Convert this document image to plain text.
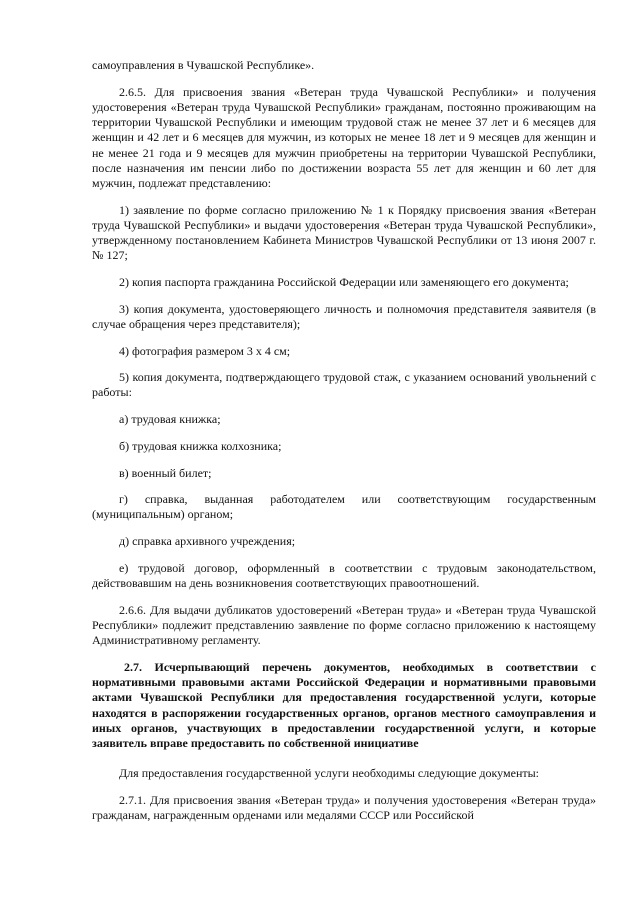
самоуправления в Чувашской Республике».

2.6.5. Для присвоения звания «Ветеран труда Чувашской Республики» и получения удостоверения «Ветеран труда Чувашской Республики» гражданам, постоянно проживающим на территории Чувашской Республики и имеющим трудовой стаж не менее 37 лет и 6 месяцев для женщин и 42 лет и 6 месяцев для мужчин, из которых не менее 18 лет и 9 месяцев для женщин и не менее 21 года и 9 месяцев для мужчин приобретены на территории Чувашской Республики, после назначения им пенсии либо по достижении возраста 55 лет для женщин и 60 лет для мужчин, подлежат представлению:

1) заявление по форме согласно приложению № 1 к Порядку присвоения звания «Ветеран труда Чувашской Республики» и выдачи удостоверения «Ветеран труда Чувашской Республики», утвержденному постановлением Кабинета Министров Чувашской Республики от 13 июня 2007 г. № 127;

2) копия паспорта гражданина Российской Федерации или заменяющего его документа;

3) копия документа, удостоверяющего личность и полномочия представителя заявителя (в случае обращения через представителя);

4) фотография размером 3 х 4 см;

5) копия документа, подтверждающего трудовой стаж, с указанием оснований увольнений с работы:

а) трудовая книжка;

б) трудовая книжка колхозника;

в) военный билет;

г) справка, выданная работодателем или соответствующим государственным (муниципальным) органом;

д) справка архивного учреждения;

е) трудовой договор, оформленный в соответствии с трудовым законодательством, действовавшим на день возникновения соответствующих правоотношений.

2.6.6. Для выдачи дубликатов удостоверений «Ветеран труда» и «Ветеран труда Чувашской Республики» подлежит представлению заявление по форме согласно приложению к настоящему Административному регламенту.

2.7. Исчерпывающий перечень документов, необходимых в соответствии с нормативными правовыми актами Российской Федерации и нормативными правовыми актами Чувашской Республики для предоставления государственной услуги, которые находятся в распоряжении государственных органов, органов местного самоуправления и иных органов, участвующих в предоставлении государственной услуги, и которые заявитель вправе предоставить по собственной инициативе

Для предоставления государственной услуги необходимы следующие документы:

2.7.1. Для присвоения звания «Ветеран труда» и получения удостоверения «Ветеран труда» гражданам, награжденным орденами или медалями СССР или Российской
